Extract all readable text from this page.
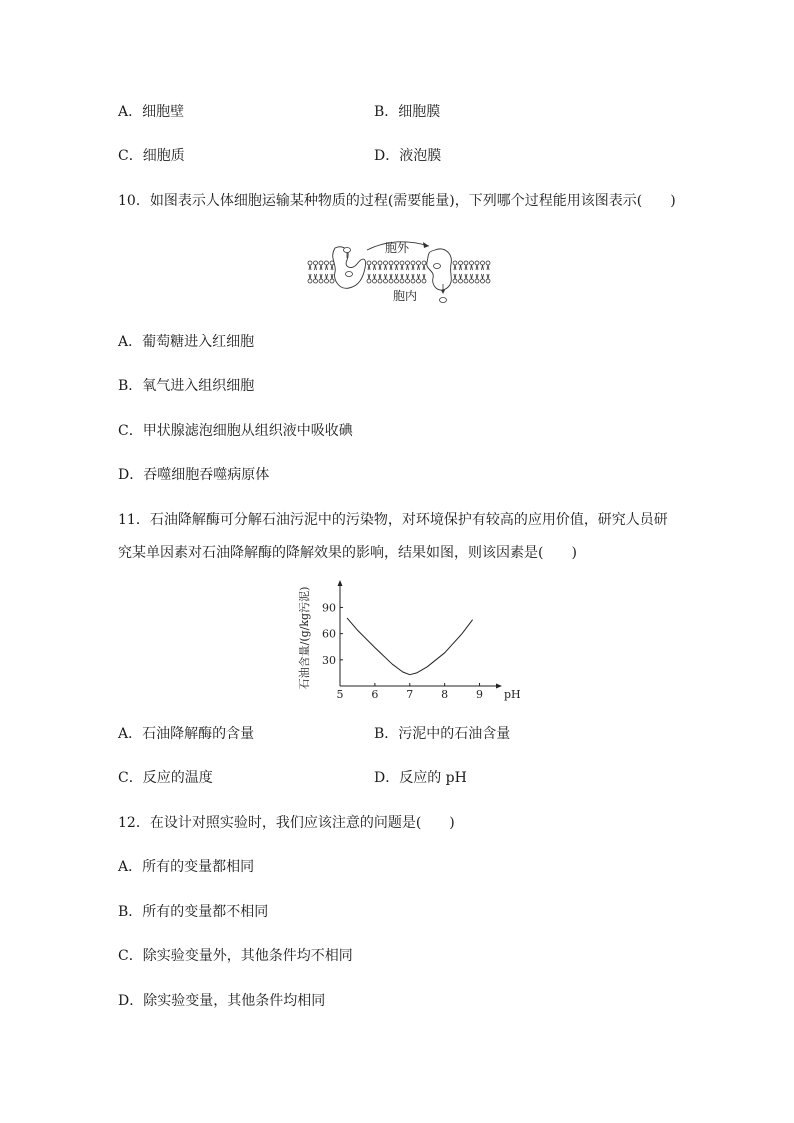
A．细胞壁	B．细胞膜
C．细胞质	D．液泡膜
10．如图表示人体细胞运输某种物质的过程(需要能量)，下列哪个过程能用该图表示(　　)
胞外
胞内
A．葡萄糖进入红细胞
B．氧气进入组织细胞
C．甲状腺滤泡细胞从组织液中吸收碘
D．吞噬细胞吞噬病原体
11．石油降解酶可分解石油污泥中的污染物，对环境保护有较高的应用价值，研究人员研
究某单因素对石油降解酶的降解效果的影响，结果如图，则该因素是(　　)
5	6	7	8	9
30
60
90
pH
石油含量/(g/kg污泥)
A．石油降解酶的含量	B．污泥中的石油含量
C．反应的温度	D．反应的 pH
12．在设计对照实验时，我们应该注意的问题是(　　)
A．所有的变量都相同
B．所有的变量都不相同
C．除实验变量外，其他条件均不相同
D．除实验变量，其他条件均相同
